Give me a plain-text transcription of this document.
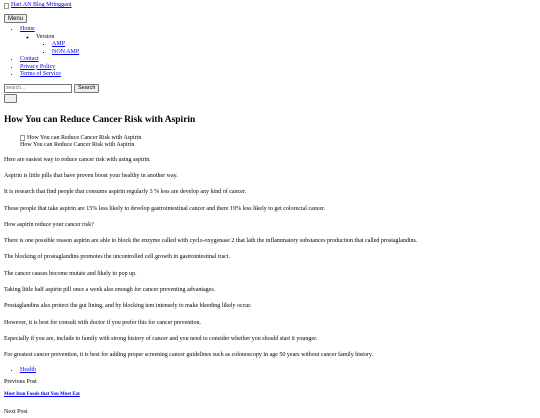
Hari AN Blog Mringgani
Menu
• Home
◦ Version
▪ AMP
▪ NON AMP
• Contact
• Privacy Policy
• Terms of Service
search...
Search
How You can Reduce Cancer Risk with Aspirin
How You can Reduce Cancer Risk with Aspirin
How You can Reduce Cancer Risk with Aspirin

Here are easiest way to reduce cancer risk with using aspirin.

Aspirin is little pills that have proven boost your healthy in another way.

It is research that find people that consume aspirin regularly 3 % less are develop any kind of cancer.

Those people that take aspirin are 15% less likely to develop gastrointestinal cancer and there 19% less likely to get colorectal cancer.

How aspirin reduce your cancer risk?

There is one possible reason aspirin are able to block the enzyme called with cyclo-oxygenase 2 that lath the inflammatory substances production that called prostaglandins.

The blocking of prostaglandins promotes the uncontrolled cell growth in gastrointestinal tract.

The cancer causes become mutate and likely to pop up.

Taking little half aspirin pill once a week also enough for cancer preventing advantages.

Prostaglandins also protect the gut lining, and by blocking tem intensely to make bleeding likely occur.

However, it is best for consult with doctor if you prefer this for cancer prevention.

Especially if you are, include to family with strong history of cancer and you need to consider whether you should start it younger.

For greatest cancer prevention, it is best for adding proper screening cancer guidelines such as colonoscopy in age 50 years without cancer family history.

• Health
Previous Post
Most Iron Foods that You Must Eat
Next Post
